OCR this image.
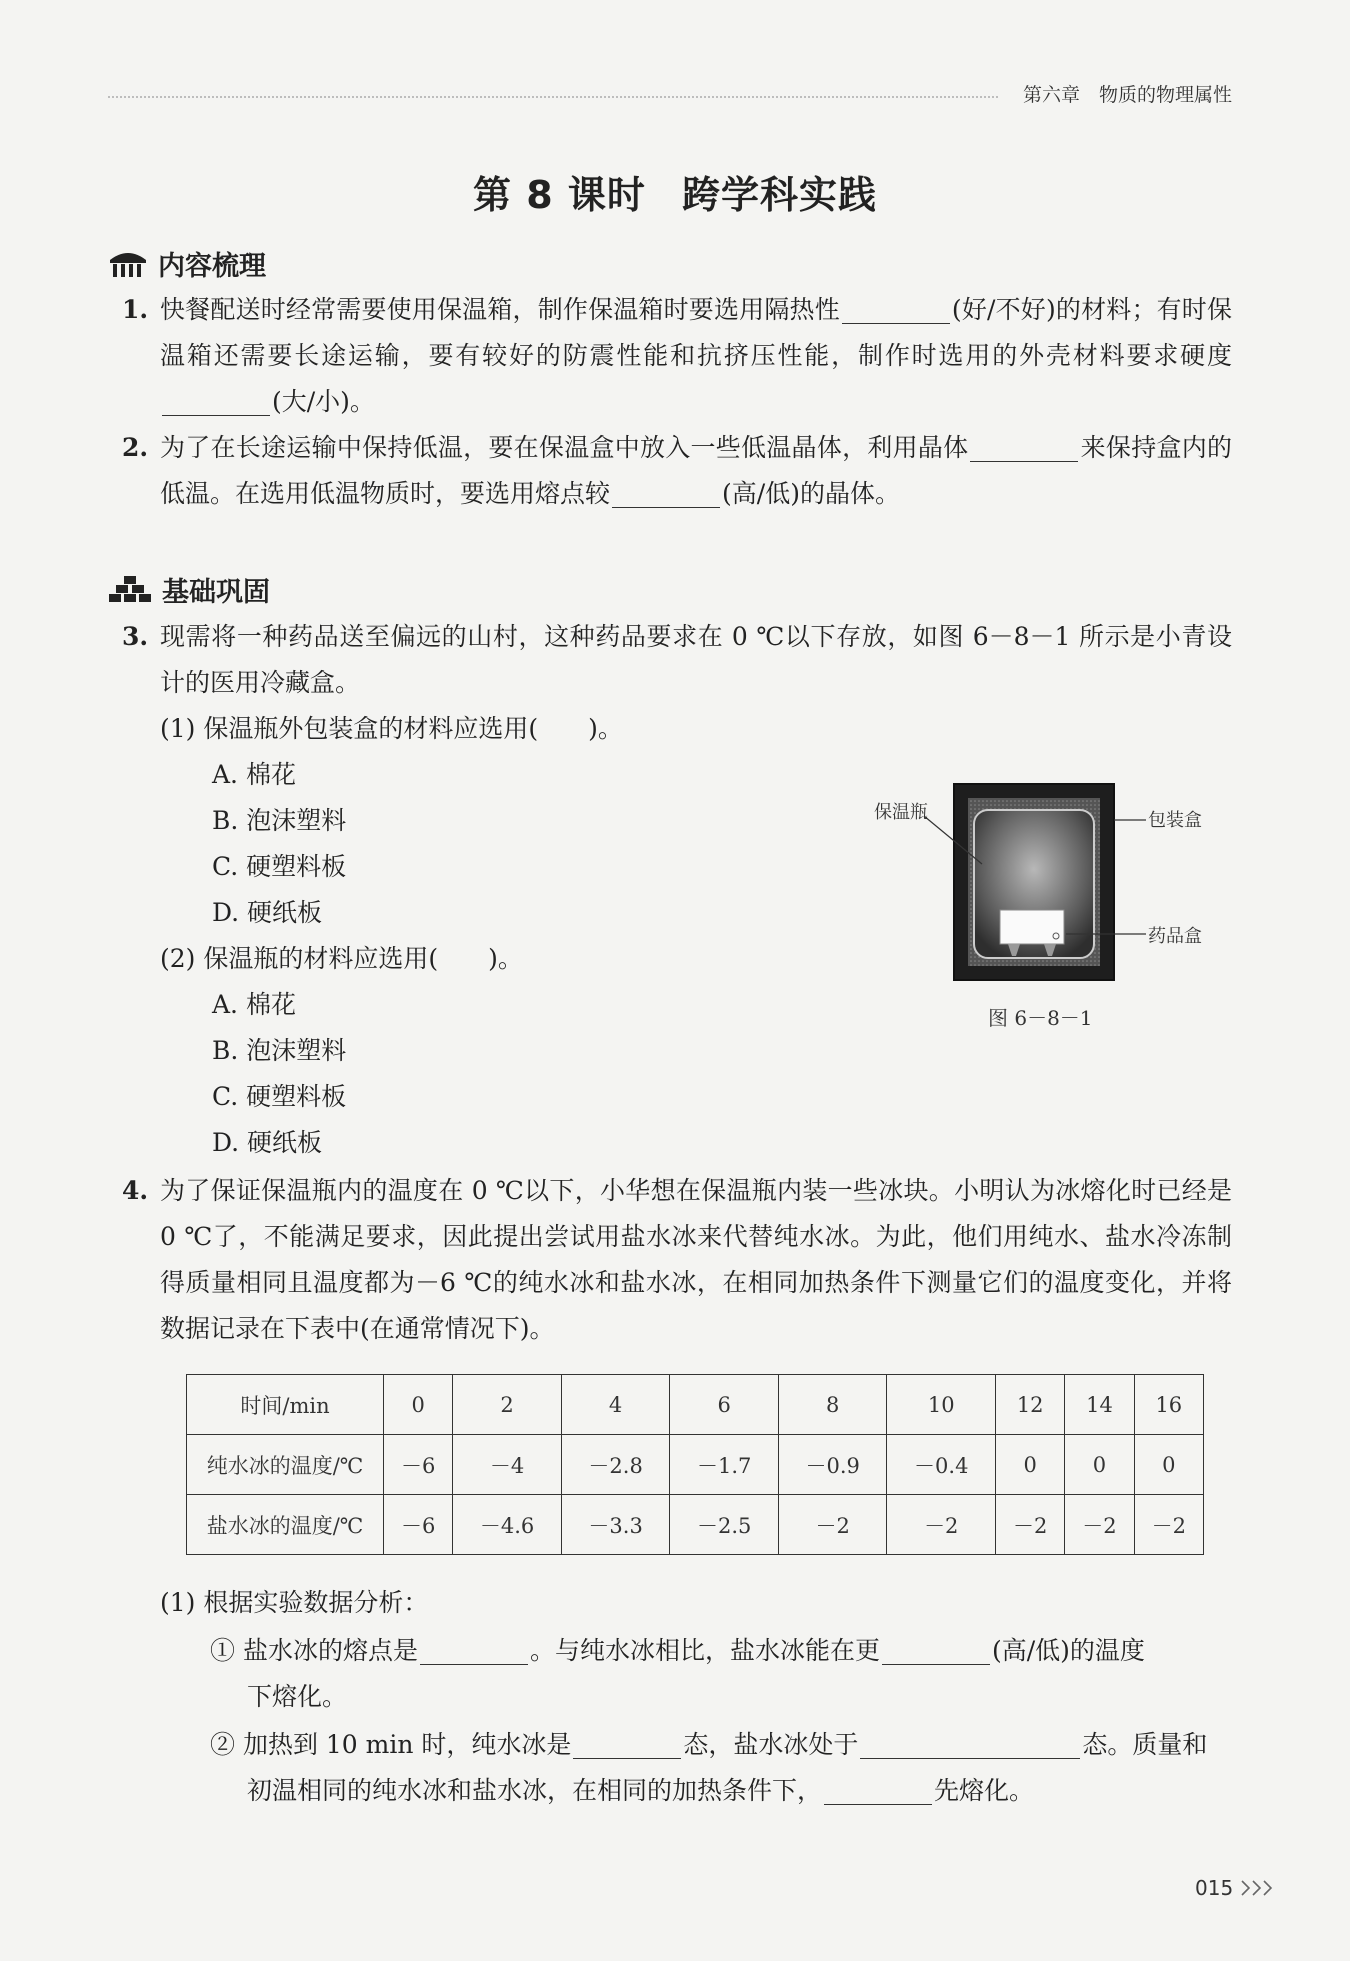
第六章　物质的物理属性
第 8 课时 跨学科实践
内容梳理
1. 快餐配送时经常需要使用保温箱，制作保温箱时要选用隔热性	(好/不好)的材料；有时保温箱还需要长途运输，要有较好的防震性能和抗挤压性能，制作时选用的外壳材料要求硬度(大/小)。
2. 为了在长途运输中保持低温，要在保温盒中放入一些低温晶体，利用晶体	来保持盒内的低温。在选用低温物质时，要选用熔点较	(高/低)的晶体。
基础巩固
3. 现需将一种药品送至偏远的山村，这种药品要求在 0 ℃以下存放，如图 6－8－1 所示是小青设计的医用冷藏盒。
(1) 保温瓶外包装盒的材料应选用(　　)。
A. 棉花
B. 泡沫塑料
C. 硬塑料板
D. 硬纸板
(2) 保温瓶的材料应选用(　　)。
A. 棉花
B. 泡沫塑料
C. 硬塑料板
D. 硬纸板
保温瓶	包装盒
药品盒
图 6－8－1
4. 为了保证保温瓶内的温度在 0 ℃以下，小华想在保温瓶内装一些冰块。小明认为冰熔化时已经是 0 ℃了，不能满足要求，因此提出尝试用盐水冰来代替纯水冰。为此，他们用纯水、盐水冷冻制得质量相同且温度都为－6 ℃的纯水冰和盐水冰，在相同加热条件下测量它们的温度变化，并将数据记录在下表中(在通常情况下)。
时间/min	0	2	4	6	8	10	12	14	16
纯水冰的温度/℃	－6	－4	－2.8	－1.7	－0.9	－0.4	0	0	0
盐水冰的温度/℃	－6	－4.6	－3.3	－2.5	－2	－2	－2	－2	－2
(1) 根据实验数据分析：
① 盐水冰的熔点是	。与纯水冰相比，盐水冰能在更	(高/低)的温度
下熔化。
② 加热到 10 min 时，纯水冰是	态，盐水冰处于	态。质量和
初温相同的纯水冰和盐水冰，在相同的加热条件下，	先熔化。
015
